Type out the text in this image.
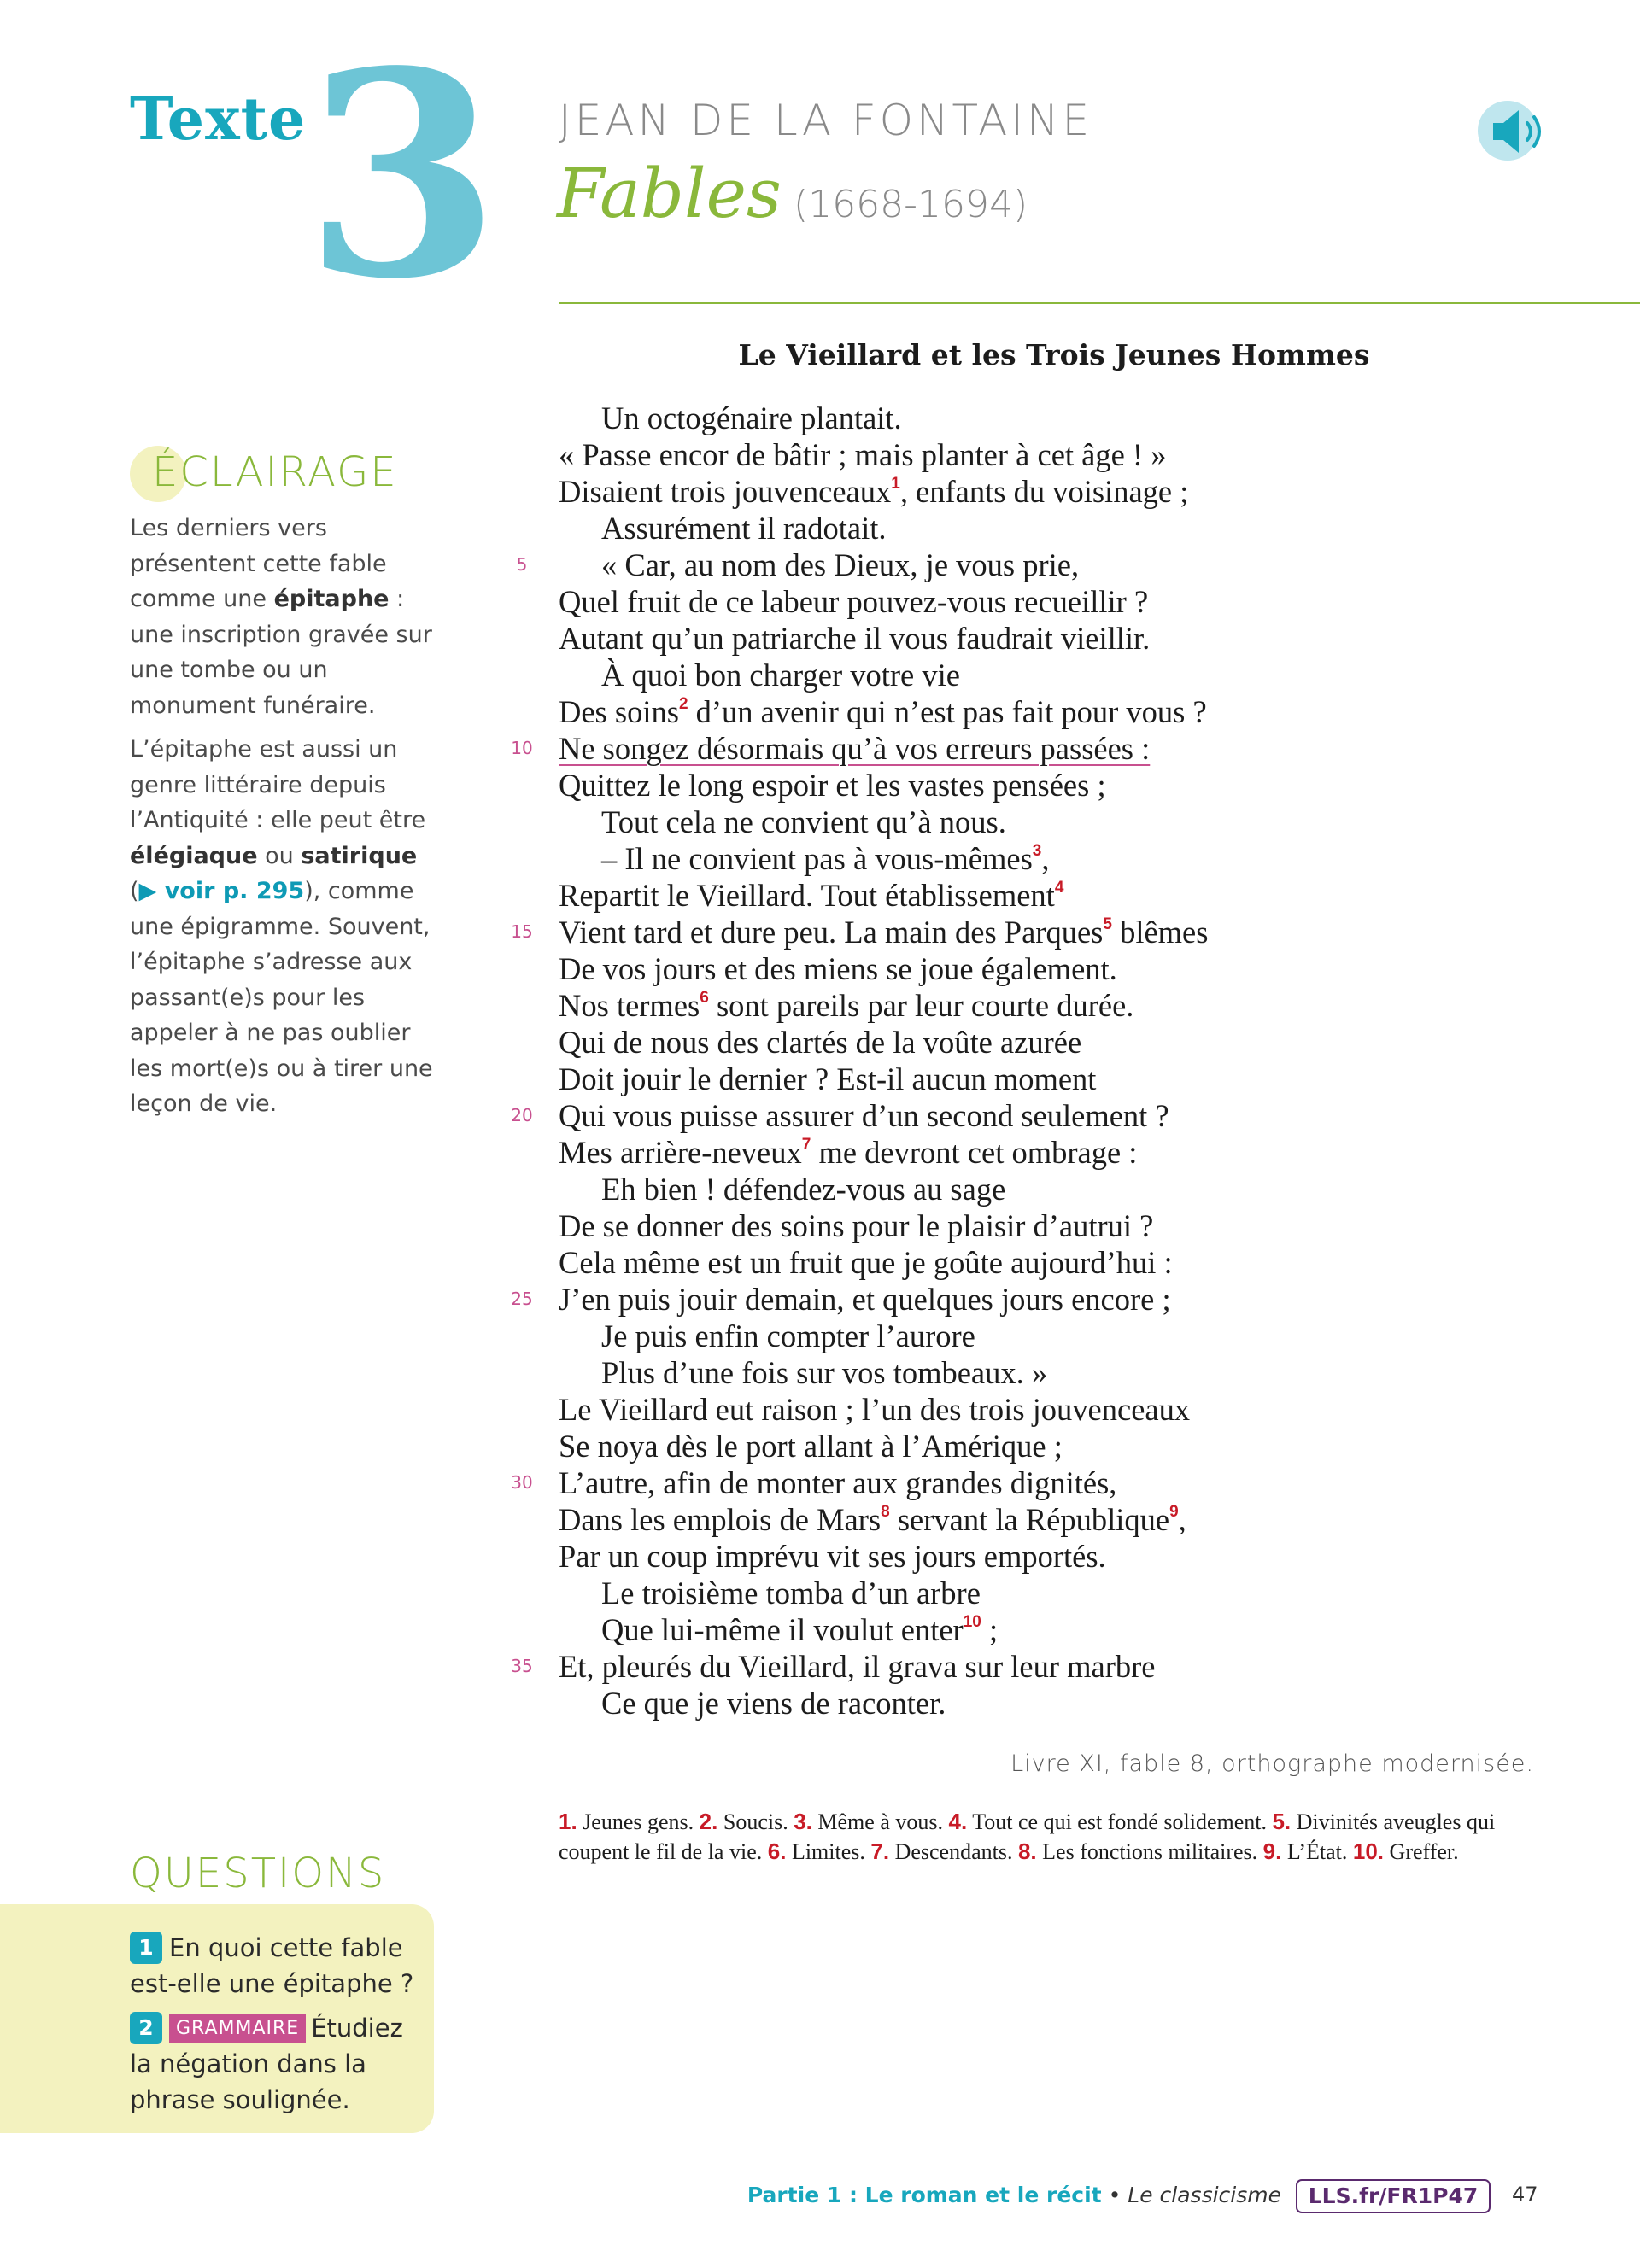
Texte
3 JEAN DE LA FONTAINE
Fables (1668-1694)
ÉCLAIRAGE

Les derniers vers présentent cette fable comme une épitaphe : une inscription gravée sur une tombe ou un monument funéraire.

L’épitaphe est aussi un genre littéraire depuis l’Antiquité : elle peut être élégiaque ou satirique (▶ voir p. 295), comme une épigramme. Souvent, l’épitaphe s’adresse aux passant(e)s pour les appeler à ne pas oublier les mort(e)s ou à tirer une leçon de vie.

QUESTIONS
1 En quoi cette fable est-elle une épitaphe ?
2 GRAMMAIRE Étudiez la négation dans la phrase soulignée.
Le Vieillard et les Trois Jeunes Hommes
5
10
15
20
25
30
35
Un octogénaire plantait.
« Passe encor de bâtir ; mais planter à cet âge ! »
Disaient trois jouvenceaux$^1$, enfants du voisinage ;
Assurément il radotait.
« Car, au nom des Dieux, je vous prie,
Quel fruit de ce labeur pouvez-vous recueillir ?
Autant qu’un patriarche il vous faudrait vieillir.
À quoi bon charger votre vie
Des soins$^2$ d’un avenir qui n’est pas fait pour vous ?
Ne songez désormais qu’à vos erreurs passées :
Quittez le long espoir et les vastes pensées ;
Tout cela ne convient qu’à nous.
– Il ne convient pas à vous-mêmes$^3$,
Repartit le Vieillard. Tout établissement$^4$
Vient tard et dure peu. La main des Parques$^5$ blêmes
De vos jours et des miens se joue également.
Nos termes$^6$ sont pareils par leur courte durée.
Qui de nous des clartés de la voûte azurée
Doit jouir le dernier ? Est-il aucun moment
Qui vous puisse assurer d’un second seulement ?
Mes arrière-neveux$^7$ me devront cet ombrage :
Eh bien ! défendez-vous au sage
De se donner des soins pour le plaisir d’autrui ?
Cela même est un fruit que je goûte aujourd’hui :
J’en puis jouir demain, et quelques jours encore ;
Je puis enfin compter l’aurore
Plus d’une fois sur vos tombeaux. »
Le Vieillard eut raison ; l’un des trois jouvenceaux
Se noya dès le port allant à l’Amérique ;
L’autre, afin de monter aux grandes dignités,
Dans les emplois de Mars$^8$ servant la République$^9$,
Par un coup imprévu vit ses jours emportés.
Le troisième tomba d’un arbre
Que lui-même il voulut enter$^{10}$ ;
Et, pleurés du Vieillard, il grava sur leur marbre
Ce que je viens de raconter.
Livre XI, fable 8, orthographe modernisée.
1. Jeunes gens. 2. Soucis. 3. Même à vous. 4. Tout ce qui est fondé solidement. 5. Divinités aveugles qui coupent le fil de la vie. 6. Limites. 7. Descendants. 8. Les fonctions militaires. 9. L’État. 10. Greffer.
Partie 1 : Le roman et le récit • Le classicisme	LLS.fr/FR1P47	47
